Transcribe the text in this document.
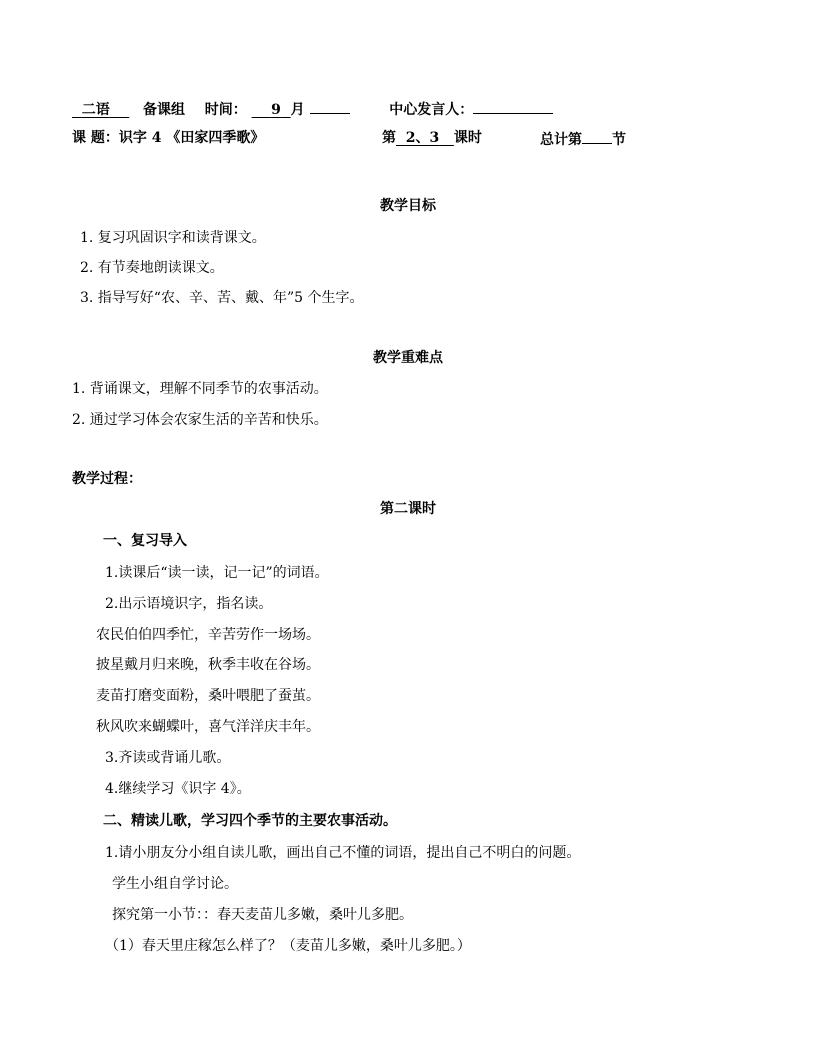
二语 备课组 时间： 9 月	中心发言人：
课 题：识字 4 《田家四季歌》	第 2、3 课时	总计第 节
教学目标
1. 复习巩固识字和读背课文。
2. 有节奏地朗读课文。
3. 指导写好“农、辛、苦、戴、年”5 个生字。
教学重难点
1. 背诵课文，理解不同季节的农事活动。
2. 通过学习体会农家生活的辛苦和快乐。
教学过程：
第二课时
一、复习导入
1.读课后“读一读，记一记”的词语。
2.出示语境识字，指名读。
农民伯伯四季忙，辛苦劳作一场场。
披星戴月归来晚，秋季丰收在谷场。
麦苗打磨变面粉，桑叶喂肥了蚕茧。
秋风吹来蝴蝶叶，喜气洋洋庆丰年。
3.齐读或背诵儿歌。
4.继续学习《识字 4》。
二、精读儿歌，学习四个季节的主要农事活动。
1.请小朋友分小组自读儿歌，画出自己不懂的词语，提出自己不明白的问题。
学生小组自学讨论。
探究第一小节：：春天麦苗儿多嫩，桑叶儿多肥。
（1）春天里庄稼怎么样了？（麦苗儿多嫩，桑叶儿多肥。）
